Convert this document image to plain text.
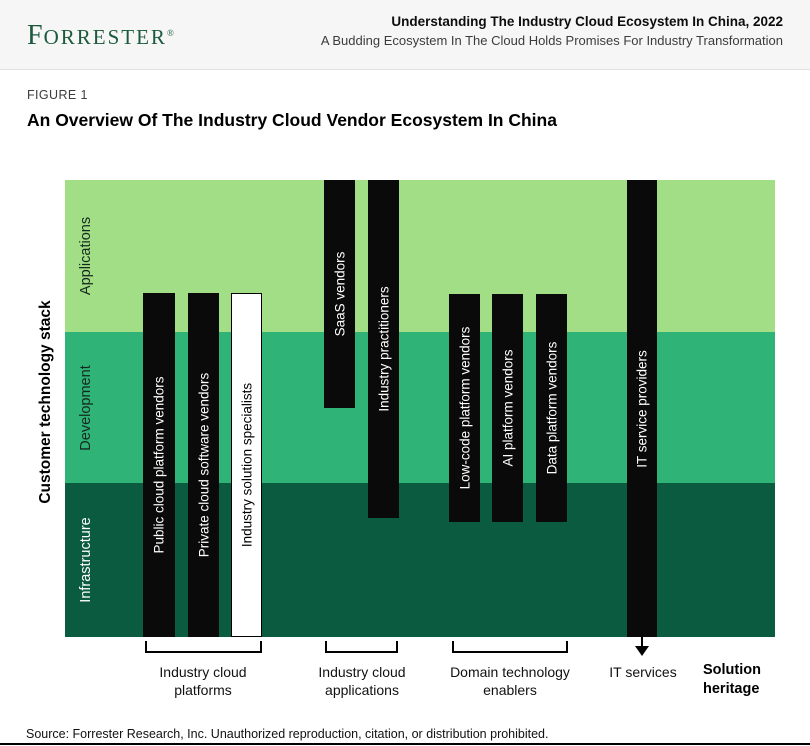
FORRESTER®
Understanding The Industry Cloud Ecosystem In China, 2022
A Budding Ecosystem In The Cloud Holds Promises For Industry Transformation
FIGURE 1
An Overview Of The Industry Cloud Vendor Ecosystem In China
Customer technology stack
Applications
Development
Infrastructure
Public cloud platform vendors Private cloud software vendors Industry solution specialists
SaaS vendors Industry practitioners	Low-code platform vendors AI platform vendors Data platform vendors	IT service providers
Industry cloud platforms
Industry cloud applications
Domain technology enablers
IT services	Solution heritage
Source: Forrester Research, Inc. Unauthorized reproduction, citation, or distribution prohibited.
